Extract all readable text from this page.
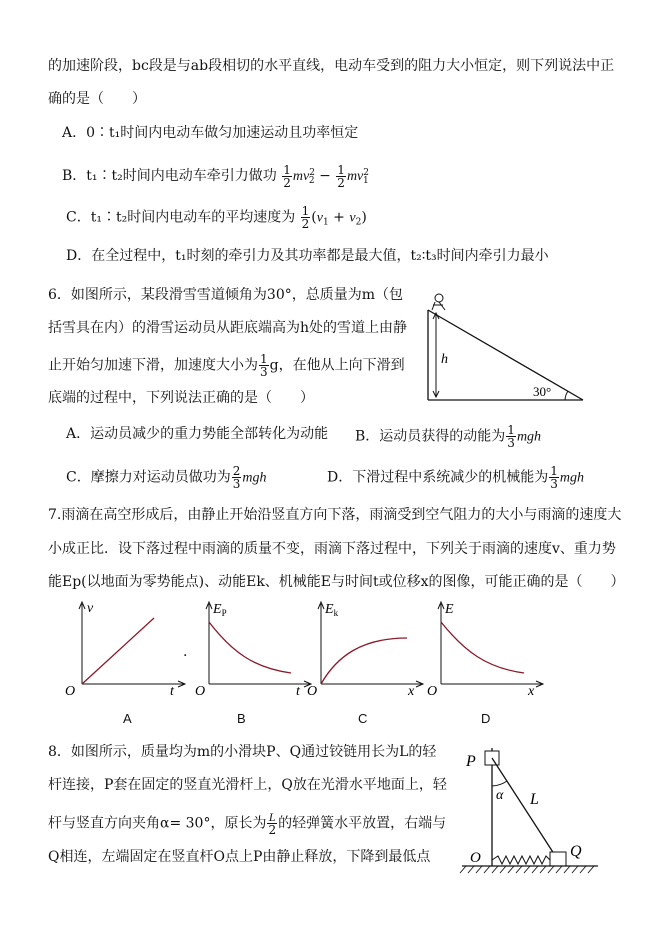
的加速阶段，bc段是与ab段相切的水平直线，电动车受到的阻力大小恒定，则下列说法中正
确的是（　　）
A．0∶t₁时间内电动车做匀加速运动且功率恒定
B．t₁∶t₂时间内电动车牵引力做功 $\frac{1}{2} mv^2_2 - \frac{1}{2} mv^2_1$
C．t₁∶t₂时间内电动车的平均速度为 $\frac{1}{2} (v_1 + v_2)$
D．在全过程中，t₁时刻的牵引力及其功率都是最大值，t₂∶t₃时间内牵引力最小
6．如图所示，某段滑雪雪道倾角为30°，总质量为m（包
括雪具在内）的滑雪运动员从距底端高为h处的雪道上由静
止开始匀加速下滑，加速度大小为 $\frac{1}{3}$ g，在他从上向下滑到
底端的过程中，下列说法正确的是（　　）
h
30°
A．运动员减少的重力势能全部转化为动能 B．运动员获得的动能为 $\frac{1}{3}$ mgh
C．摩擦力对运动员做功为 $\frac{2}{3}$ mgh	D．下滑过程中系统减少的机械能为 $\frac{1}{3}$ mgh
7.雨滴在高空形成后，由静止开始沿竖直方向下落，雨滴受到空气阻力的大小与雨滴的速度大
小成正比．设下落过程中雨滴的质量不变，雨滴下落过程中，下列关于雨滴的速度v、重力势
能Ep(以地面为零势能点)、动能Ek、机械能E与时间t或位移x的图像，可能正确的是（　　）
v
t
O
.
$E_P$
t
O
$E_k$
x
O
E
x
O
A	B	C	D
8．如图所示，质量均为m的小滑块P、Q通过铰链用长为L的轻
杆连接，P套在固定的竖直光滑杆上，Q放在光滑水平地面上，轻
杆与竖直方向夹角α= 30°，原长为 $\frac{L}{2}$ 的轻弹簧水平放置，右端与
Q相连，左端固定在竖直杆O点上P由静止释放，下降到最低点
P
Q
L
α
O
